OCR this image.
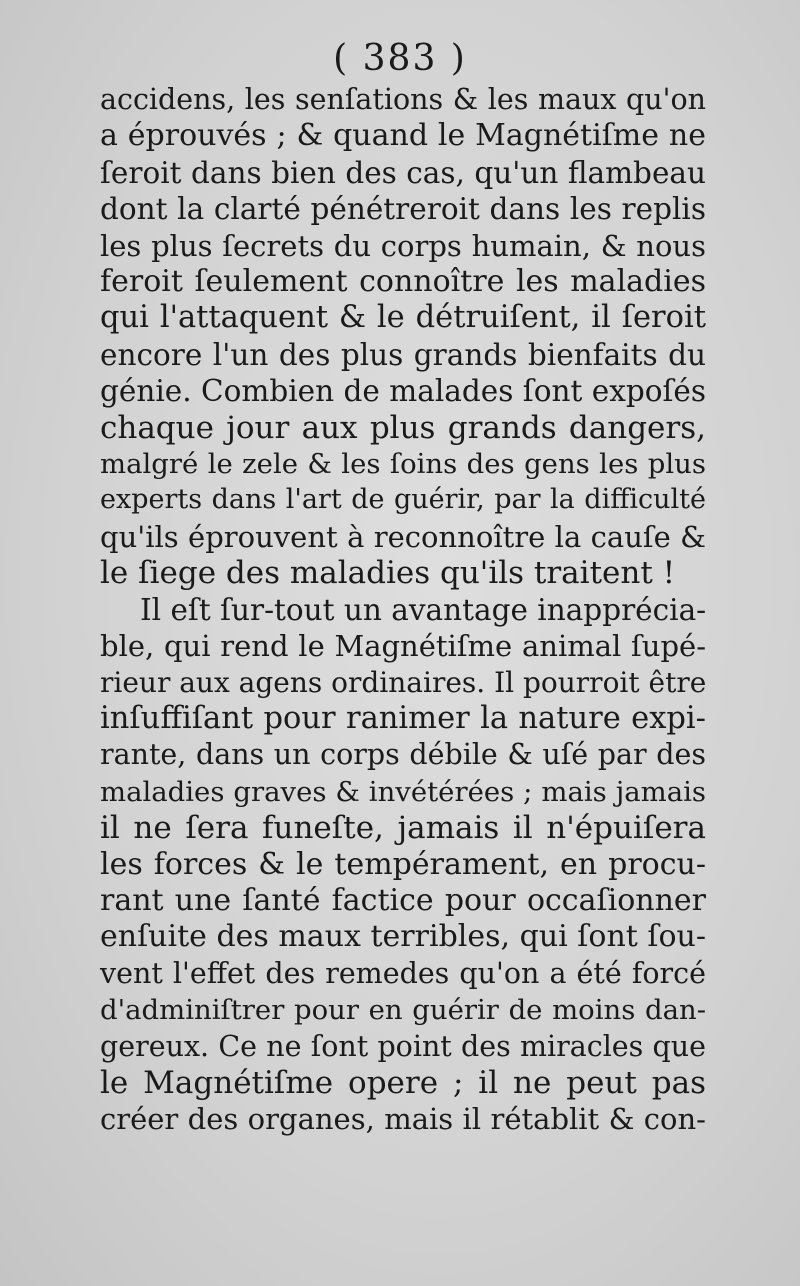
( 383 )
accidens, les senſations & les maux qu'on
a éprouvés ; & quand le Magnétiſme ne
ſeroit dans bien des cas, qu'un flambeau
dont la clarté pénétreroit dans les replis
les plus ſecrets du corps humain, & nous
feroit ſeulement connoître les maladies
qui l'attaquent & le détruiſent, il ſeroit
encore l'un des plus grands bienfaits du
génie. Combien de malades ſont expoſés
chaque jour aux plus grands dangers,
malgré le zele & les ſoins des gens les plus
experts dans l'art de guérir, par la difficulté
qu'ils éprouvent à reconnoître la cauſe &
le ſiege des maladies qu'ils traitent !
Il eſt ſur-tout un avantage inappréciа-
ble, qui rend le Magnétiſme animal ſupé-
rieur aux agens ordinaires. Il pourroit être
inſuffiſant pour ranimer la nature expi-
rante, dans un corps débile & uſé par des
maladies graves & invétérées ; mais jamais
il ne ſera funeſte, jamais il n'épuiſera
les forces & le tempérament, en procu-
rant une ſanté factice pour occaſionner
enſuite des maux terribles, qui ſont ſou-
vent l'effet des remedes qu'on a été forcé
d'adminiſtrer pour en guérir de moins dan-
gereux. Ce ne ſont point des miracles que
le Magnétiſme opere ; il ne peut pas
créer des organes, mais il rétablit & con-
